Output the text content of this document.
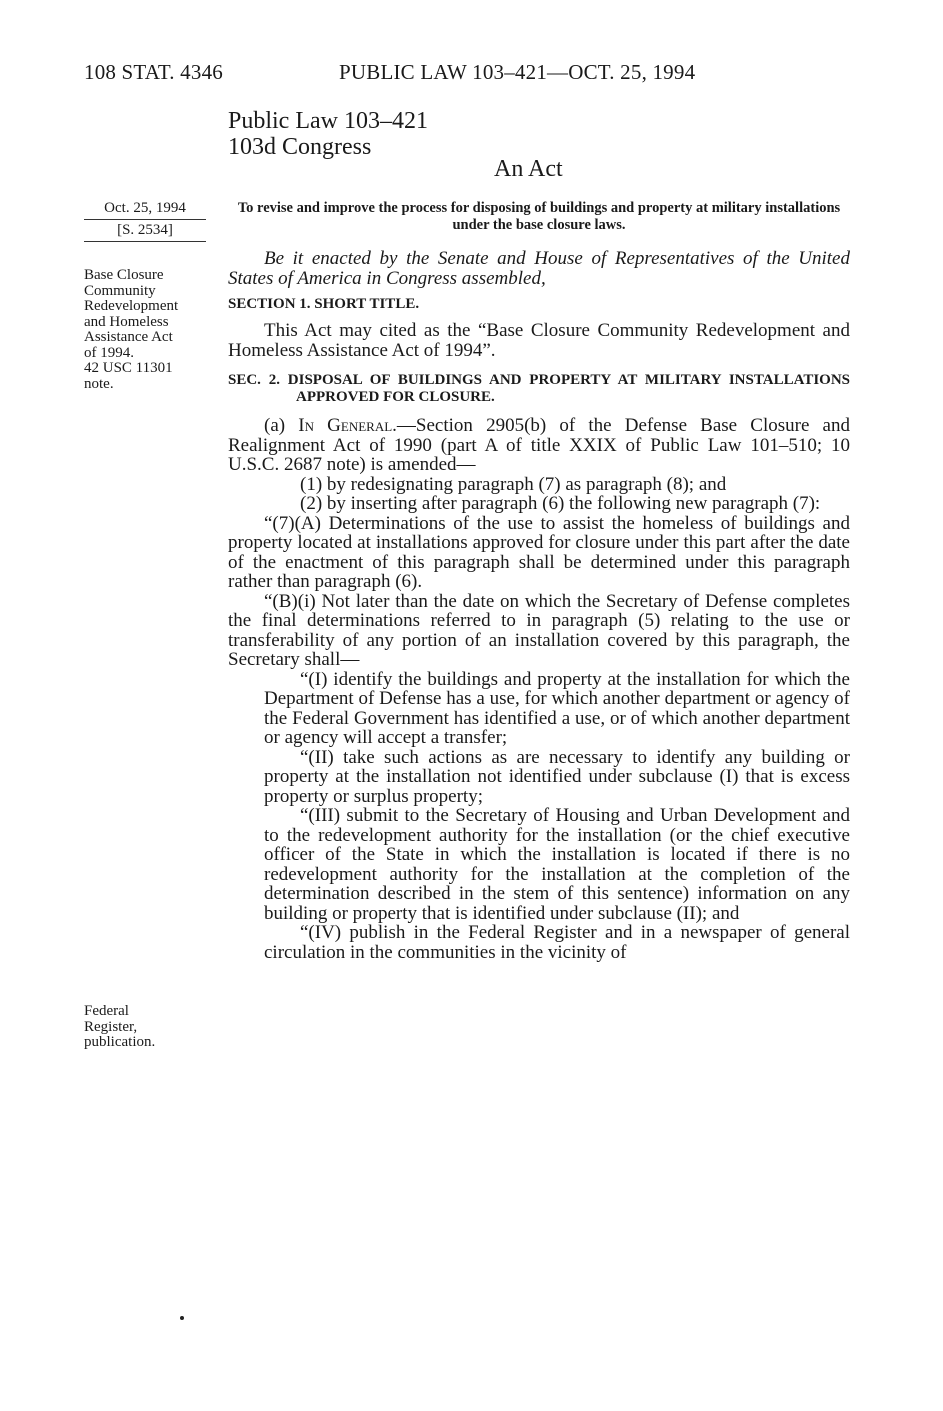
108 STAT. 4346	PUBLIC LAW 103–421—OCT. 25, 1994
Public Law 103–421
103d Congress
An Act
Oct. 25, 1994
[S. 2534]
To revise and improve the process for disposing of buildings and property at military installations under the base closure laws.
Base Closure
Community
Redevelopment
and Homeless
Assistance Act
of 1994.
42 USC 11301
note.
Federal
Register,
publication.

Be it enacted by the Senate and House of Representatives of the United States of America in Congress assembled,

SECTION 1. SHORT TITLE.

This Act may cited as the “Base Closure Community Redevelopment and Homeless Assistance Act of 1994”.

SEC. 2. DISPOSAL OF BUILDINGS AND PROPERTY AT MILITARY INSTALLATIONS APPROVED FOR CLOSURE.

(a) In General.—Section 2905(b) of the Defense Base Closure and Realignment Act of 1990 (part A of title XXIX of Public Law 101–510; 10 U.S.C. 2687 note) is amended—

(1) by redesignating paragraph (7) as paragraph (8); and

(2) by inserting after paragraph (6) the following new paragraph (7):

“(7)(A) Determinations of the use to assist the homeless of buildings and property located at installations approved for closure under this part after the date of the enactment of this paragraph shall be determined under this paragraph rather than paragraph (6).

“(B)(i) Not later than the date on which the Secretary of Defense completes the final determinations referred to in paragraph (5) relating to the use or transferability of any portion of an installation covered by this paragraph, the Secretary shall—

“(I) identify the buildings and property at the installation for which the Department of Defense has a use, for which another department or agency of the Federal Government has identified a use, or of which another department or agency will accept a transfer;

“(II) take such actions as are necessary to identify any building or property at the installation not identified under subclause (I) that is excess property or surplus property;

“(III) submit to the Secretary of Housing and Urban Development and to the redevelopment authority for the installation (or the chief executive officer of the State in which the installation is located if there is no redevelopment authority for the installation at the completion of the determination described in the stem of this sentence) information on any building or property that is identified under subclause (II); and

“(IV) publish in the Federal Register and in a newspaper of general circulation in the communities in the vicinity of
